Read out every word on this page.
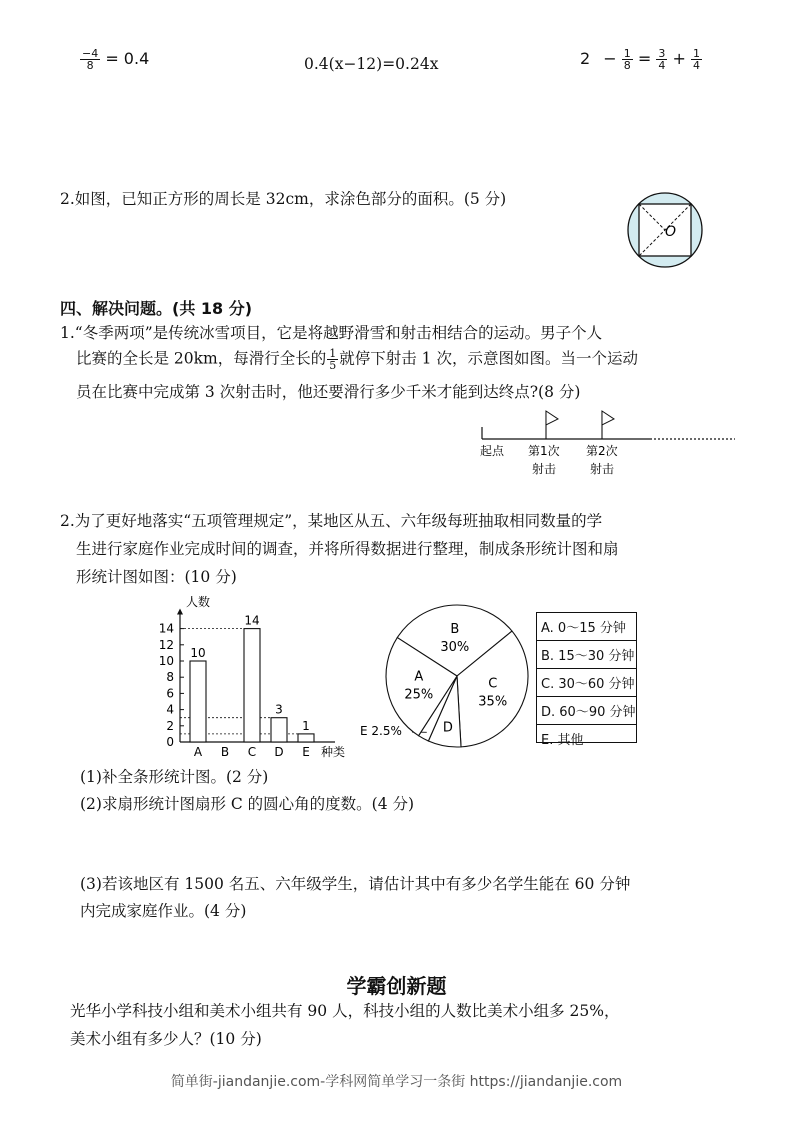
$\frac{-4}{8} = 0.4$	0.4(x−12)=0.24x	$2 - \frac{1}{8} = \frac{3}{4} + \frac{1}{4}$
2.如图，已知正方形的周长是 32cm，求涂色部分的面积。(5 分)
O
四、解决问题。(共 18 分)
1.“冬季两项”是传统冰雪项目，它是将越野滑雪和射击相结合的运动。男子个人
比赛的全长是 20km，每滑行全长的 $\frac{1}{5}$ 就停下射击 1 次，示意图如图。当一个运动
员在比赛中完成第 3 次射击时，他还要滑行多少千米才能到达终点?(8 分)
起点 第1次
射击
第2次
射击
2.为了更好地落实“五项管理规定”，某地区从五、六年级每班抽取相同数量的学
生进行家庭作业完成时间的调查，并将所得数据进行整理，制成条形统计图和扇
形统计图如图：(10 分)
人数
0
2
4
6
8
10
12
14
A
10
B C
14
D
3
E
1
种类
B
30%
C
35%
D
E 2.5%
A
25%
A. 0～15 分钟
B. 15～30 分钟
C. 30～60 分钟
D. 60～90 分钟
E. 其他
(1)补全条形统计图。(2 分)
(2)求扇形统计图扇形 C 的圆心角的度数。(4 分)
(3)若该地区有 1500 名五、六年级学生，请估计其中有多少名学生能在 60 分钟
内完成家庭作业。(4 分)
学霸创新题
光华小学科技小组和美术小组共有 90 人，科技小组的人数比美术小组多 25%，
美术小组有多少人？(10 分)
简单街-jiandanjie.com-学科网简单学习一条街 https://jiandanjie.com
